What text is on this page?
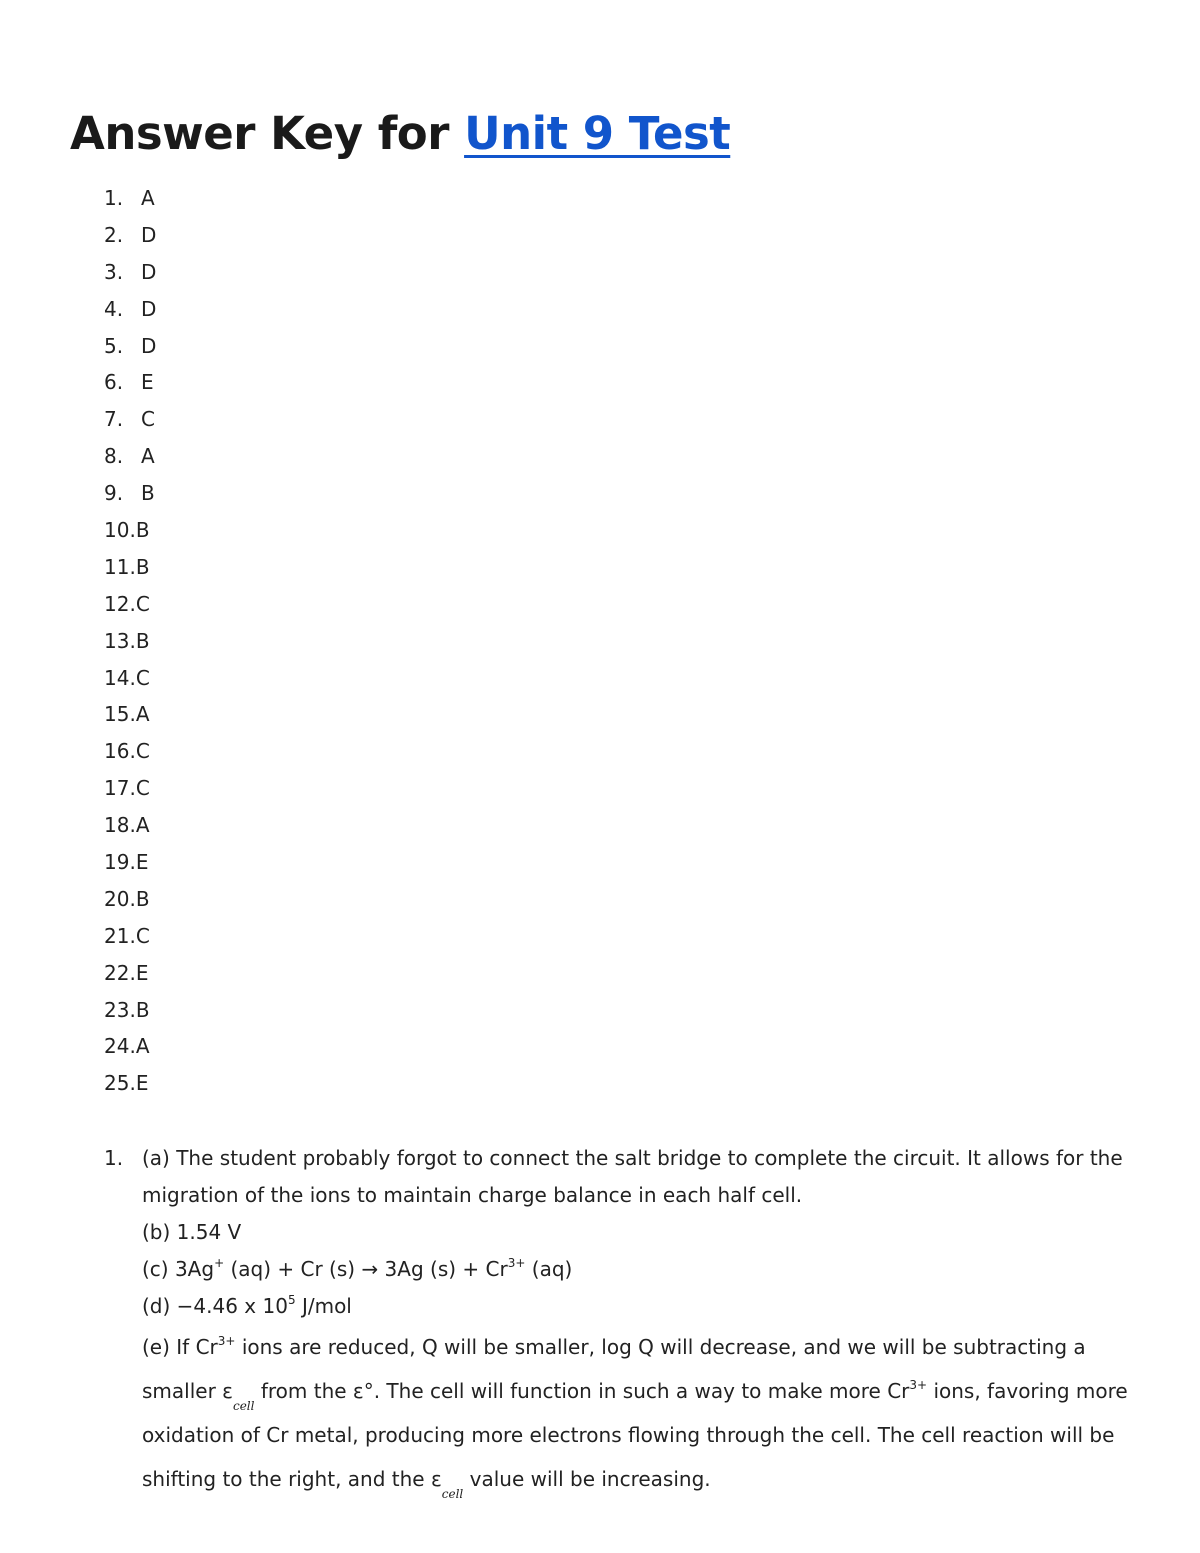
Answer Key for Unit 9 Test
1. A
2. D
3. D
4. D
5. D
6. E
7. C
8. A
9. B
10.B
11.B
12.C
13.B
14.C
15.A
16.C
17.C
18.A
19.E
20.B
21.C
22.E
23.B
24.A
25.E
1. (a) The student probably forgot to connect the salt bridge to complete the circuit. It allows for the migration of the ions to maintain charge balance in each half cell.

(b) 1.54 V

(c) 3Ag+ (aq) + Cr (s) → 3Ag $(s) + Cr^{3+}$ (aq)

(d) −4.46 x $10^5$ J/mol

(e) If $Cr^{3+}$ ions are reduced, Q will be smaller, log Q will decrease, and we will be subtracting a smaller $\varepsilon_{cell}$ from the ε°. The cell will function in such a way to make more $Cr^{3+}$ ions, favoring more oxidation of Cr metal, producing more electrons flowing through the cell. The cell reaction will be shifting to the right, and the $\varepsilon_{cell}$ value will be increasing.
